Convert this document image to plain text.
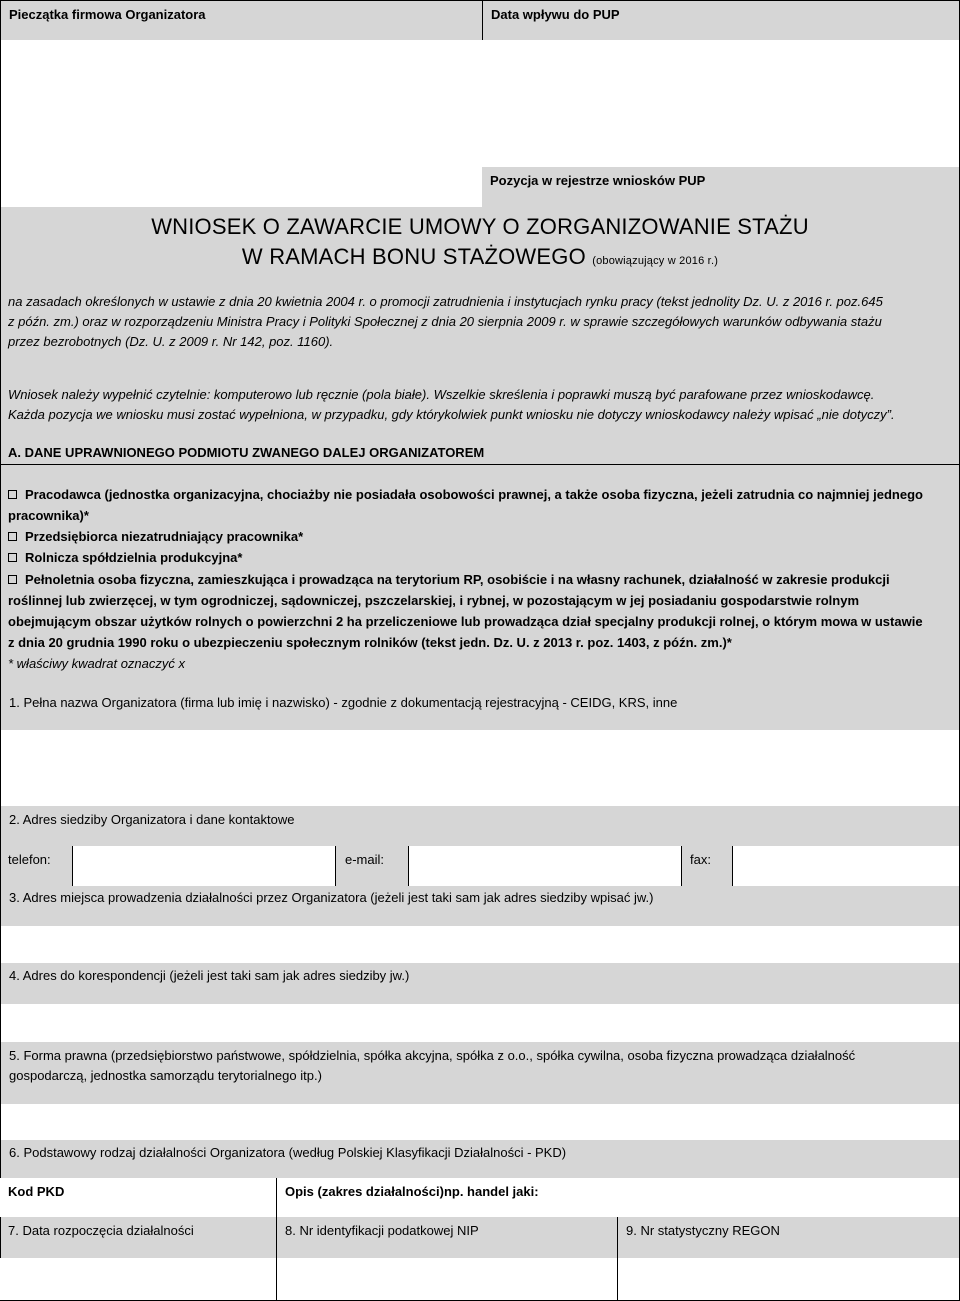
Pieczątka firmowa Organizatora	Data wpływu do PUP
Pozycja w rejestrze wniosków PUP
WNIOSEK O ZAWARCIE UMOWY O ZORGANIZOWANIE STAŻU
W RAMACH BONU STAŻOWEGO (obowiązujący w 2016 r.)
na zasadach określonych w ustawie z dnia 20 kwietnia 2004 r. o promocji zatrudnienia i instytucjach rynku pracy (tekst jednolity Dz. U. z 2016 r. poz.645
z późn. zm.) oraz w rozporządzeniu Ministra Pracy i Polityki Społecznej z dnia 20 sierpnia 2009 r. w sprawie szczegółowych warunków odbywania stażu
przez bezrobotnych (Dz. U. z 2009 r. Nr 142, poz. 1160).
Wniosek należy wypełnić czytelnie: komputerowo lub ręcznie (pola białe). Wszelkie skreślenia i poprawki muszą być parafowane przez wnioskodawcę.
Każda pozycja we wniosku musi zostać wypełniona, w przypadku, gdy którykolwiek punkt wniosku nie dotyczy wnioskodawcy należy wpisać „nie dotyczy”.
A. DANE UPRAWNIONEGO PODMIOTU ZWANEGO DALEJ ORGANIZATOREM
Pracodawca (jednostka organizacyjna, chociażby nie posiadała osobowości prawnej, a także osoba fizyczna, jeżeli zatrudnia co najmniej jednego
pracownika)*
Przedsiębiorca niezatrudniający pracownika*
Rolnicza spółdzielnia produkcyjna*
Pełnoletnia osoba fizyczna, zamieszkująca i prowadząca na terytorium RP, osobiście i na własny rachunek, działalność w zakresie produkcji
roślinnej lub zwierzęcej, w tym ogrodniczej, sądowniczej, pszczelarskiej, i rybnej, w pozostającym w jej posiadaniu gospodarstwie rolnym
obejmującym obszar użytków rolnych o powierzchni 2 ha przeliczeniowe lub prowadząca dział specjalny produkcji rolnej, o którym mowa w ustawie
z dnia 20 grudnia 1990 roku o ubezpieczeniu społecznym rolników (tekst jedn. Dz. U. z 2013 r. poz. 1403, z późn. zm.)*
* właściwy kwadrat oznaczyć x
1. Pełna nazwa Organizatora (firma lub imię i nazwisko) - zgodnie z dokumentacją rejestracyjną - CEIDG, KRS, inne
2. Adres siedziby Organizatora i dane kontaktowe
telefon:	e-mail:	fax:
3. Adres miejsca prowadzenia działalności przez Organizatora (jeżeli jest taki sam jak adres siedziby wpisać jw.)
4. Adres do korespondencji (jeżeli jest taki sam jak adres siedziby jw.)
5. Forma prawna (przedsiębiorstwo państwowe, spółdzielnia, spółka akcyjna, spółka z o.o., spółka cywilna, osoba fizyczna prowadząca działalność
gospodarczą, jednostka samorządu terytorialnego itp.)
6. Podstawowy rodzaj działalności Organizatora (według Polskiej Klasyfikacji Działalności - PKD)
Kod PKD	Opis (zakres działalności)np. handel jaki:
7. Data rozpoczęcia działalności	8. Nr identyfikacji podatkowej NIP	9. Nr statystyczny REGON
